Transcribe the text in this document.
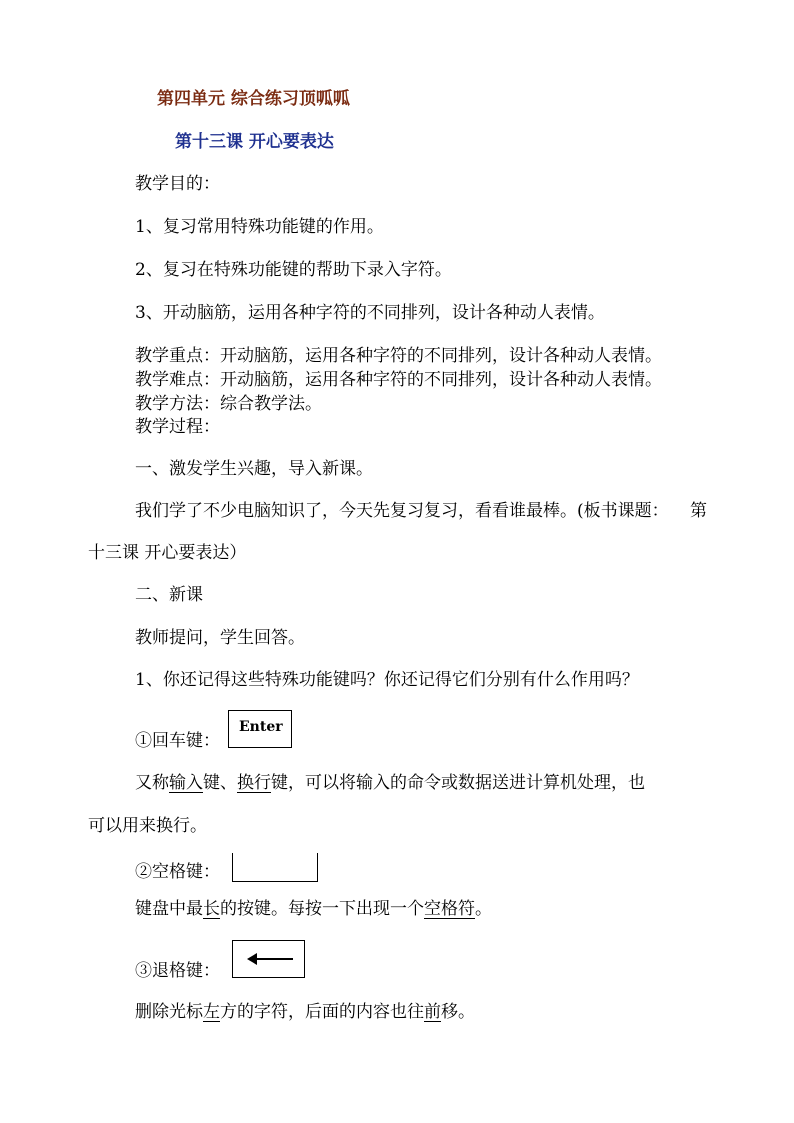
第四单元 综合练习顶呱呱
第十三课 开心要表达
教学目的：
1、复习常用特殊功能键的作用。
2、复习在特殊功能键的帮助下录入字符。
3、开动脑筋，运用各种字符的不同排列，设计各种动人表情。
教学重点：开动脑筋，运用各种字符的不同排列，设计各种动人表情。
教学难点：开动脑筋，运用各种字符的不同排列，设计各种动人表情。
教学方法：综合教学法。
教学过程：
一、激发学生兴趣，导入新课。
我们学了不少电脑知识了，今天先复习复习，看看谁最棒。(板书课题： 第
十三课 开心要表达）
二、新课
教师提问，学生回答。
1、你还记得这些特殊功能键吗？你还记得它们分别有什么作用吗？
①回车键：
Enter
又称输入键、换行键，可以将输入的命令或数据送进计算机处理，也
可以用来换行。
②空格键：
键盘中最长的按键。每按一下出现一个空格符。
③退格键：
删除光标左方的字符，后面的内容也往前移。
